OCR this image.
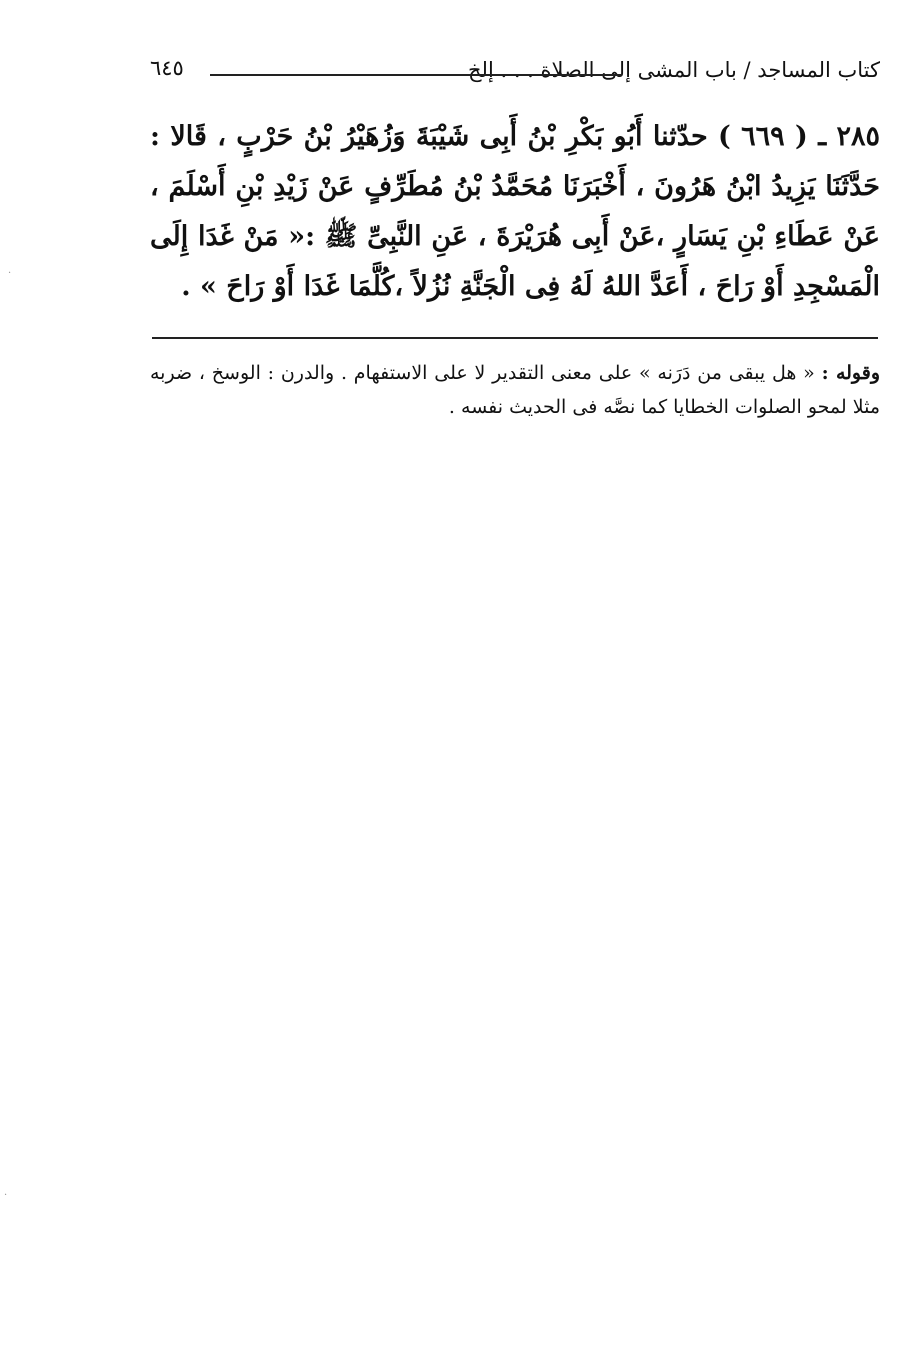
كتاب المساجد / باب المشى إلى الصلاة . . . إلخ
٦٤٥
٢٨٥ ـ ( ٦٦٩ ) حدّثنا أَبُو بَكْرِ بْنُ أَبِى شَيْبَةَ وَزُهَيْرُ بْنُ حَرْبٍ ، قَالا : حَدَّثَنَا يَزِيدُ ابْنُ هَرُونَ ، أَخْبَرَنَا مُحَمَّدُ بْنُ مُطَرِّفٍ عَنْ زَيْدِ بْنِ أَسْلَمَ ، عَنْ عَطَاءِ بْنِ يَسَارٍ ،عَنْ أَبِى هُرَيْرَةَ ، عَنِ النَّبِىِّ ﷺ :« مَنْ غَدَا إِلَى الْمَسْجِدِ أَوْ رَاحَ ، أَعَدَّ اللهُ لَهُ فِى الْجَنَّةِ نُزُلاً ،كُلَّمَا غَدَا أَوْ رَاحَ » .
وقوله : « هل يبقى من دَرَنه » على معنى التقدير لا على الاستفهام . والدرن : الوسخ ، ضربه مثلا لمحو الصلوات الخطايا كما نصَّه فى الحديث نفسه .
·
·
